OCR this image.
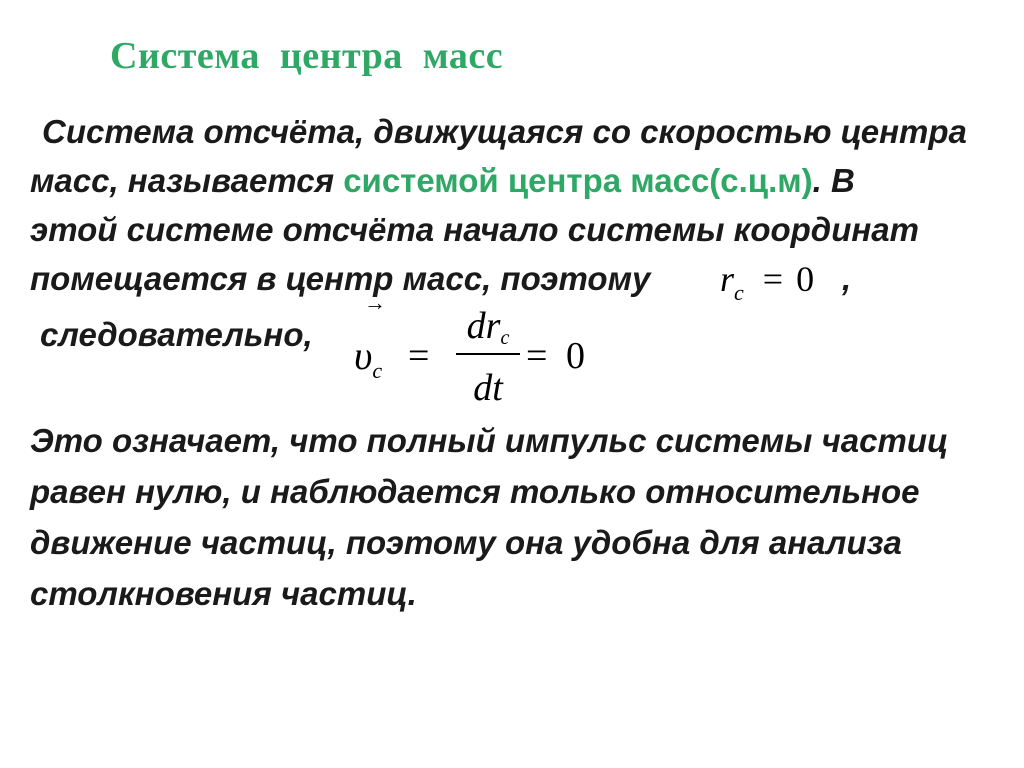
Система центра масс

Система отсчёта, движущаяся со скоростью центра

масс, называется системой центра масс(с.ц.м). В

этой системе отсчёта начало системы координат

помещается в центр масс, поэтому $r_c = 0$ ,

следовательно,

→
$\upsilon_c$ =
drc
dt
= 0

Это означает, что полный импульс системы частиц

равен нулю, и наблюдается только относительное

движение частиц, поэтому она удобна для анализа

столкновения частиц.
